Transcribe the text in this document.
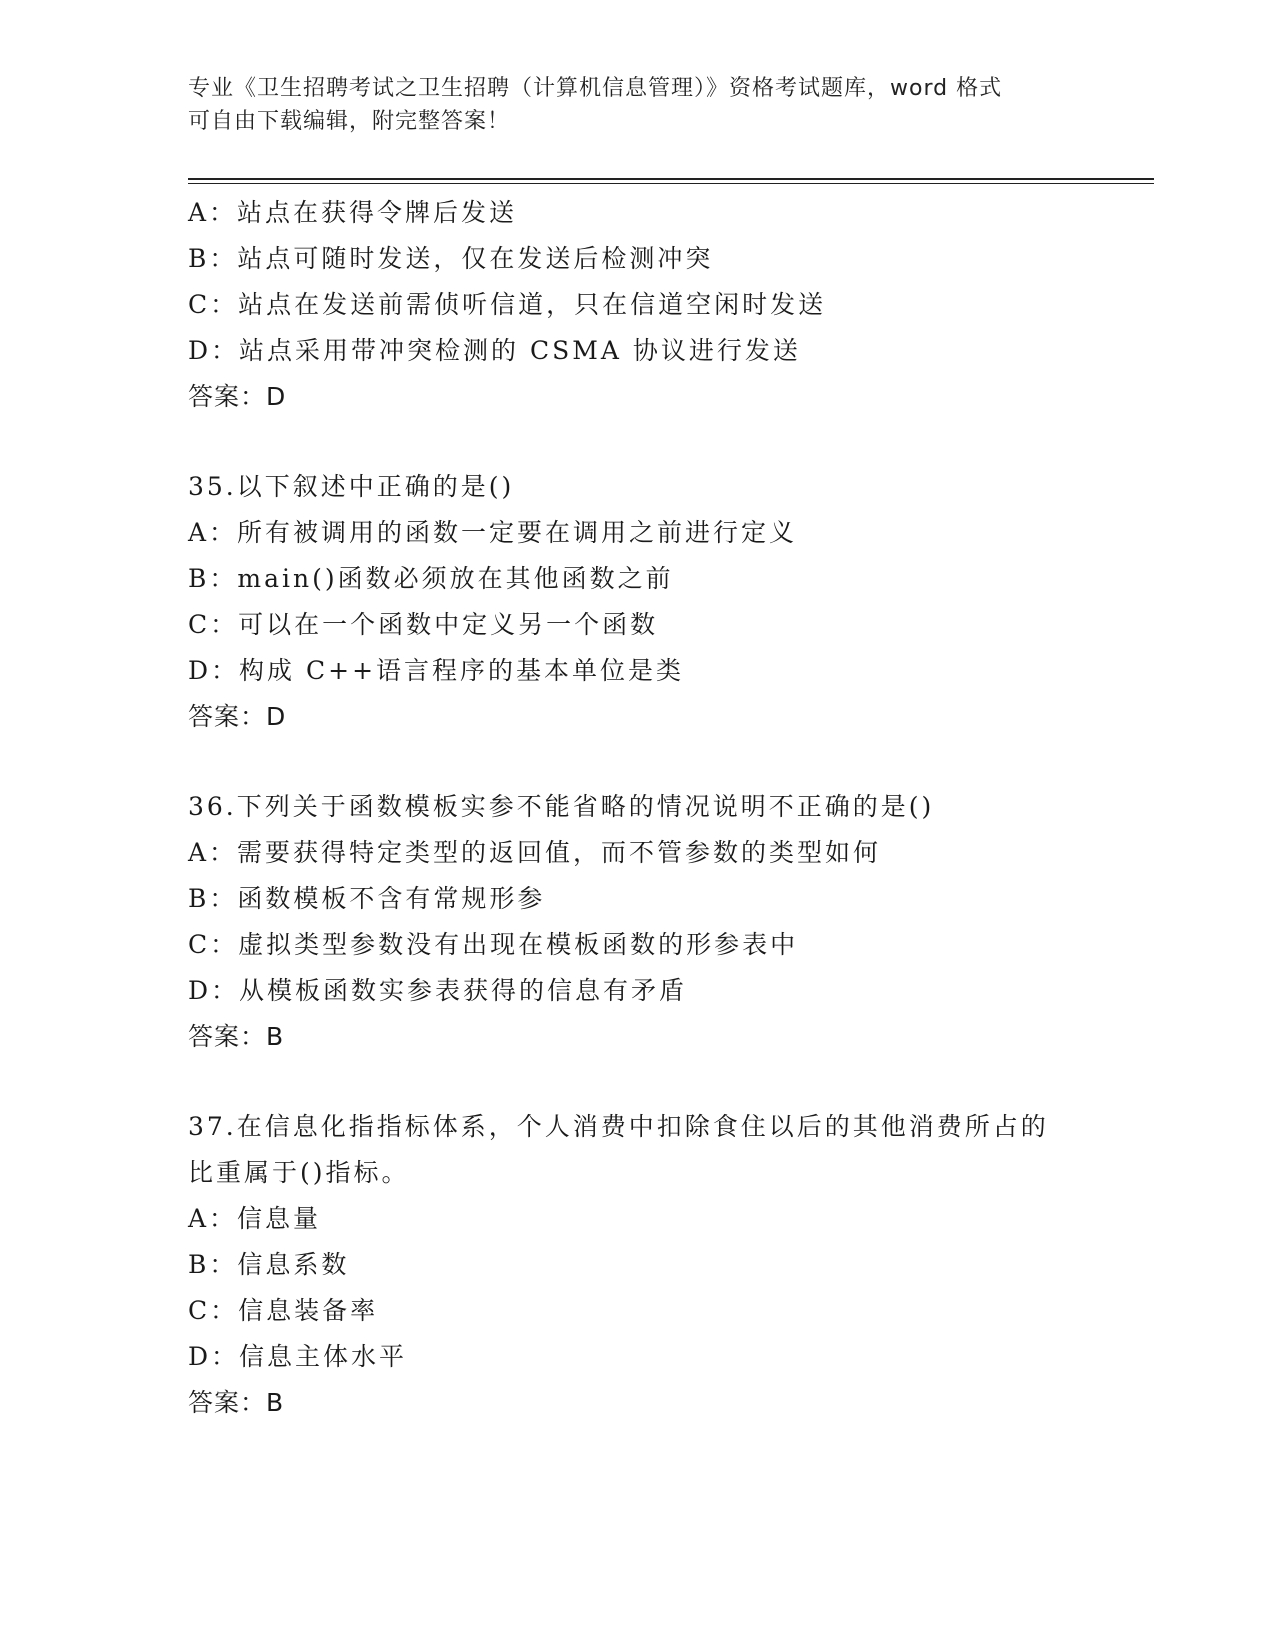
专业《卫生招聘考试之卫生招聘（计算机信息管理）》资格考试题库，word 格式
可自由下载编辑，附完整答案！
A：站点在获得令牌后发送
B：站点可随时发送，仅在发送后检测冲突
C：站点在发送前需侦听信道，只在信道空闲时发送
D：站点采用带冲突检测的 CSMA 协议进行发送
答案：D
35.以下叙述中正确的是()
A：所有被调用的函数一定要在调用之前进行定义
B：main()函数必须放在其他函数之前
C：可以在一个函数中定义另一个函数
D：构成 C++语言程序的基本单位是类
答案：D
36.下列关于函数模板实参不能省略的情况说明不正确的是()
A：需要获得特定类型的返回值，而不管参数的类型如何
B：函数模板不含有常规形参
C：虚拟类型参数没有出现在模板函数的形参表中
D：从模板函数实参表获得的信息有矛盾
答案：B
37.在信息化指指标体系，个人消费中扣除食住以后的其他消费所占的
比重属于()指标。
A：信息量
B：信息系数
C：信息装备率
D：信息主体水平
答案：B
